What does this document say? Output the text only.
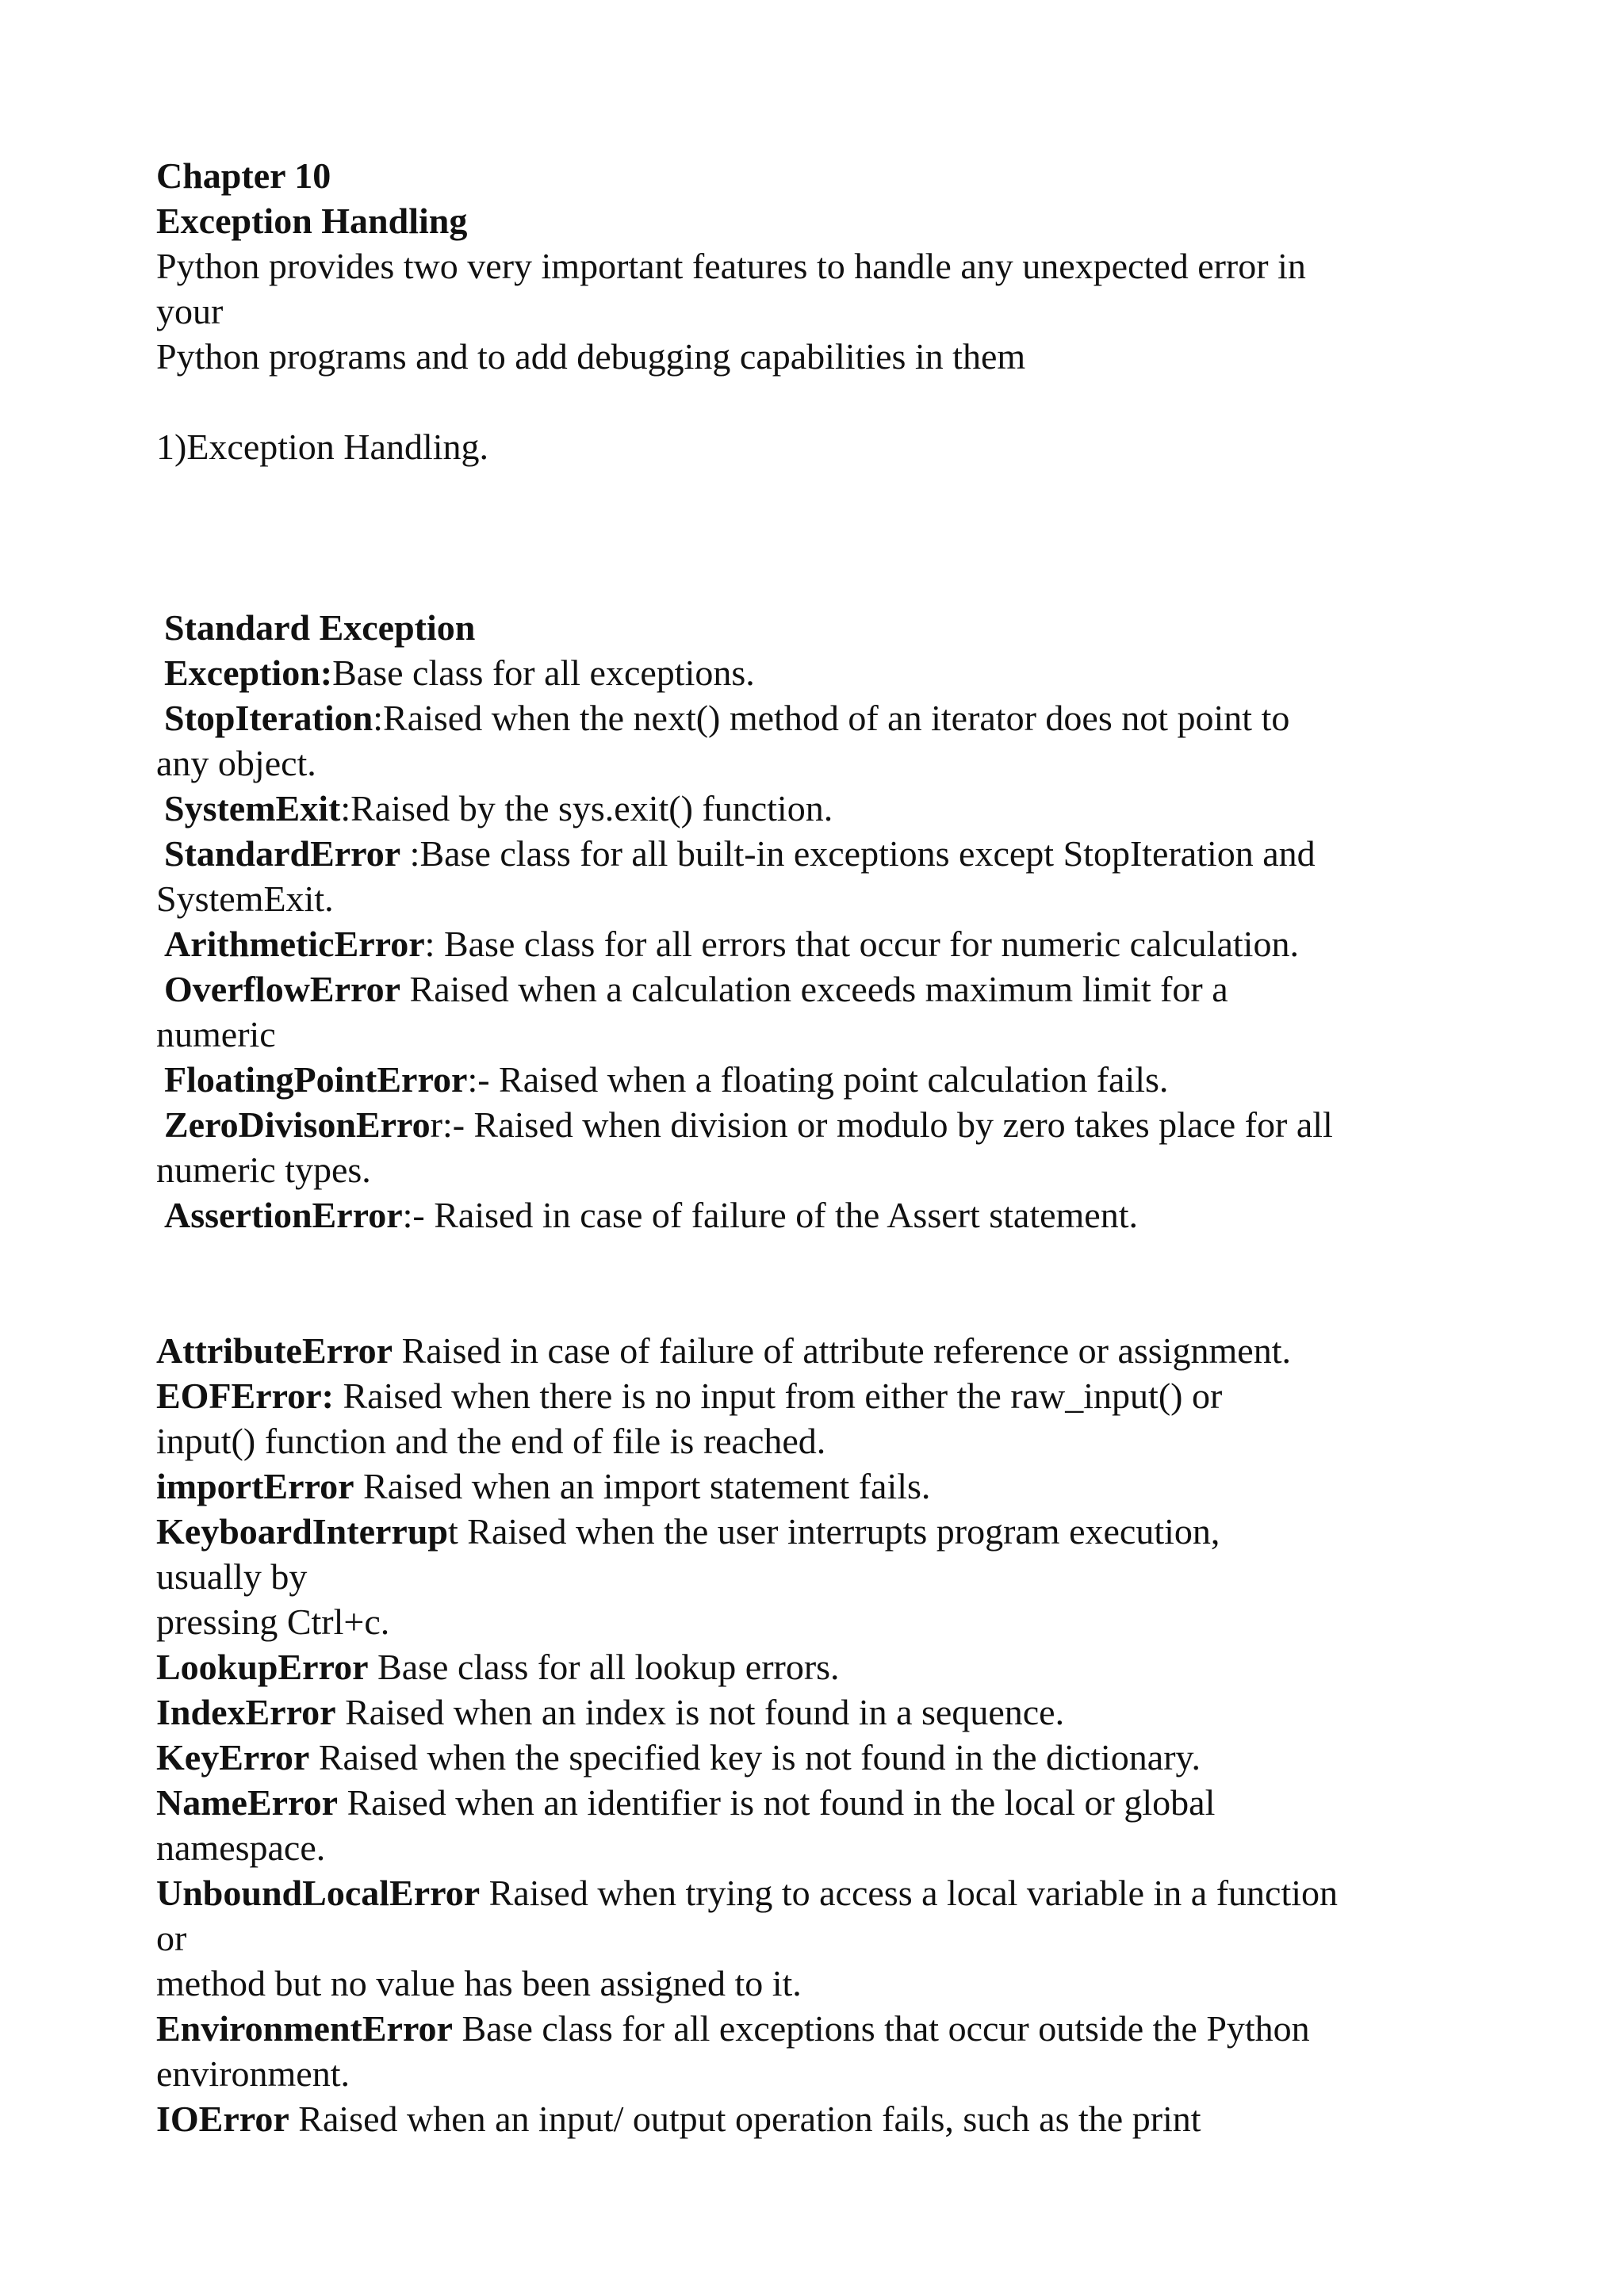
Chapter 10
Exception Handling
Python provides two very important features to handle any unexpected error in
your
Python programs and to add debugging capabilities in them
1)Exception Handling.
Standard Exception
Exception:Base class for all exceptions.
StopIteration:Raised when the next() method of an iterator does not point to
any object.
SystemExit:Raised by the sys.exit() function.
StandardError :Base class for all built-in exceptions except StopIteration and
SystemExit.
ArithmeticError: Base class for all errors that occur for numeric calculation.
OverflowError Raised when a calculation exceeds maximum limit for a
numeric
FloatingPointError:- Raised when a floating point calculation fails.
ZeroDivisonError:- Raised when division or modulo by zero takes place for all
numeric types.
AssertionError:- Raised in case of failure of the Assert statement.
AttributeError Raised in case of failure of attribute reference or assignment.
EOFError: Raised when there is no input from either the raw_input() or
input() function and the end of file is reached.
importError Raised when an import statement fails.
KeyboardInterrupt Raised when the user interrupts program execution,
usually by
pressing Ctrl+c.
LookupError Base class for all lookup errors.
IndexError Raised when an index is not found in a sequence.
KeyError Raised when the specified key is not found in the dictionary.
NameError Raised when an identifier is not found in the local or global
namespace.
UnboundLocalError Raised when trying to access a local variable in a function
or
method but no value has been assigned to it.
EnvironmentError Base class for all exceptions that occur outside the Python
environment.
IOError Raised when an input/ output operation fails, such as the print
